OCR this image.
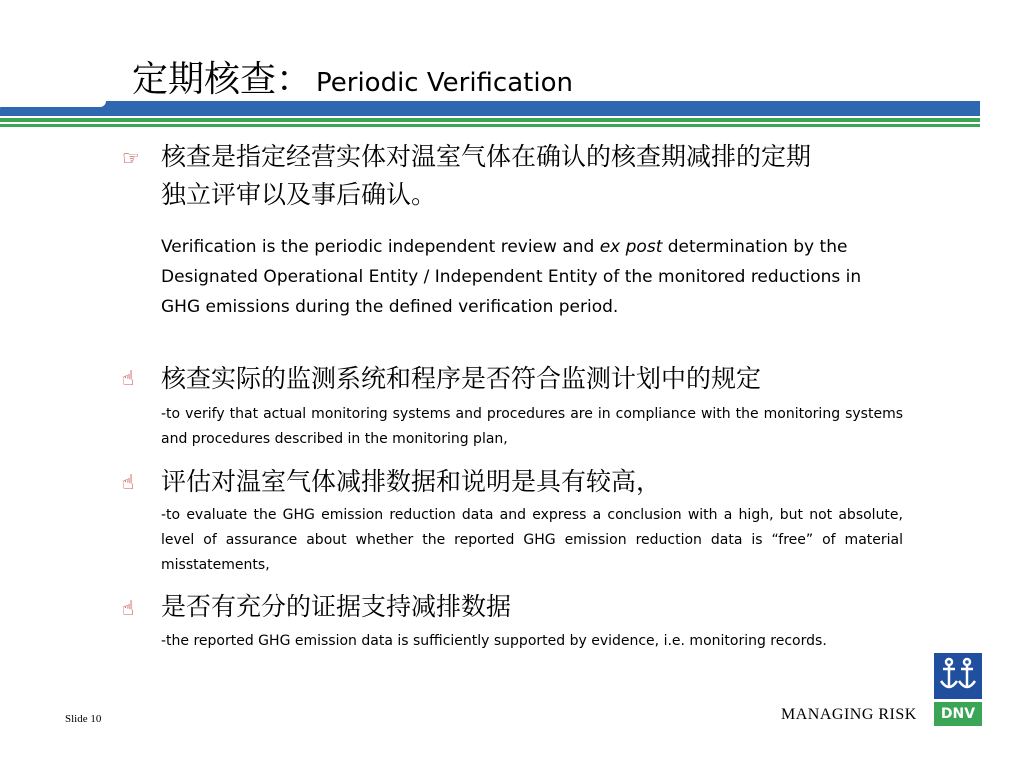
定期核查： Periodic Verification
☞ 核查是指定经营实体对温室气体在确认的核查期减排的定期
独立评审以及事后确认。
Verification is the periodic independent review and ex post determination by the Designated Operational Entity / Independent Entity of the monitored reductions in GHG emissions during the defined verification period.
☝ 核查实际的监测系统和程序是否符合监测计划中的规定
-to verify that actual monitoring systems and procedures are in compliance with the monitoring systems and procedures described in the monitoring plan,
☝ 评估对温室气体减排数据和说明是具有较高，
-to evaluate the GHG emission reduction data and express a conclusion with a high, but not absolute, level of assurance about whether the reported GHG emission reduction data is “free” of material misstatements,
☝ 是否有充分的证据支持减排数据
-the reported GHG emission data is sufficiently supported by evidence, i.e. monitoring records.
Slide 10	MANAGING RISK	DNV
